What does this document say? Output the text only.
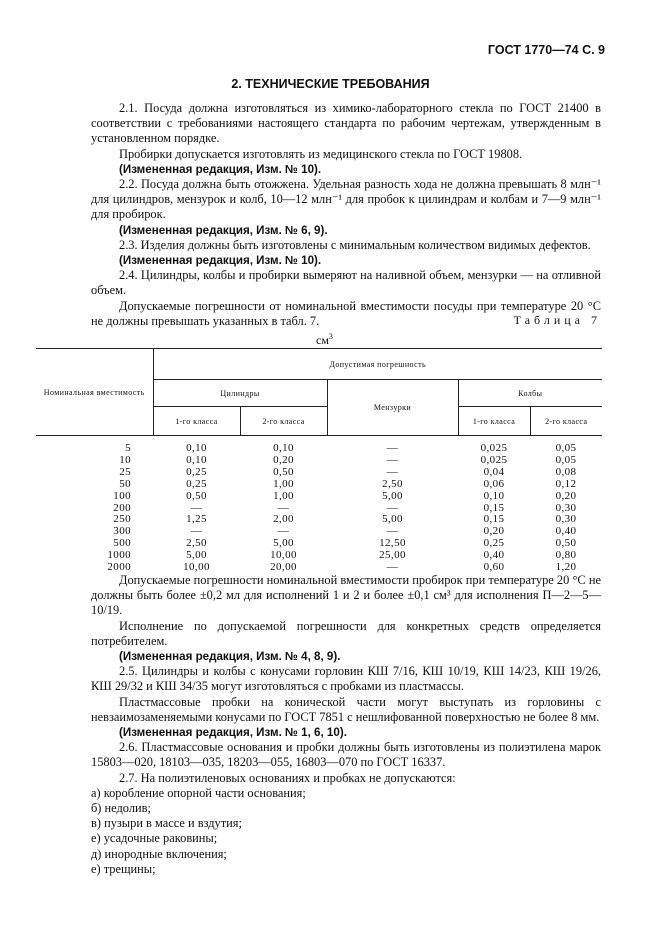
ГОСТ 1770—74 С. 9
2. ТЕХНИЧЕСКИЕ ТРЕБОВАНИЯ

2.1. Посуда должна изготовляться из химико-лабораторного стекла по ГОСТ 21400 в соответствии с требованиями настоящего стандарта по рабочим чертежам, утвержденным в установленном порядке.

Пробирки допускается изготовлять из медицинского стекла по ГОСТ 19808.

(Измененная редакция, Изм. № 10).

2.2. Посуда должна быть отожжена. Удельная разность хода не должна превышать 8 млн⁻¹ для цилиндров, мензурок и колб, 10—12 млн⁻¹ для пробок к цилиндрам и колбам и 7—9 млн⁻¹ для пробирок.

(Измененная редакция, Изм. № 6, 9).

2.3. Изделия должны быть изготовлены с минимальным количеством видимых дефектов.

(Измененная редакция, Изм. № 10).

2.4. Цилиндры, колбы и пробирки вымеряют на наливной объем, мензурки — на отливной объем.

Допускаемые погрешности от номинальной вместимости посуды при температуре 20 °С не должны превышать указанных в табл. 7.	Таблица 7
$см^3$
Номинальная вместимость	Допустимая погрешность				
	Цилиндры		Мензурки	Колбы	
	1-го класса	2-го класса		1-го класса	2-го класса
5	0,10	0,10	—	0,025	0,05
10	0,10	0,20	—	0,025	0,05
25	0,25	0,50	—	0,04	0,08
50	0,25	1,00	2,50	0,06	0,12
100	0,50	1,00	5,00	0,10	0,20
200	—	—	—	0,15	0,30
250	1,25	2,00	5,00	0,15	0,30
300	—	—	—	0,20	0,40
500	2,50	5,00	12,50	0,25	0,50
1000	5,00	10,00	25,00	0,40	0,80
2000	10,00	20,00	—	0,60	1,20

Допускаемые погрешности номинальной вместимости пробирок при температуре 20 °С не должны быть более ±0,2 мл для исполнений 1 и 2 и более ±0,1 см³ для исполнения П—2—5—10/19.

Исполнение по допускаемой погрешности для конкретных средств определяется потребителем.

(Измененная редакция, Изм. № 4, 8, 9).

2.5. Цилиндры и колбы с конусами горловин КШ 7/16, КШ 10/19, КШ 14/23, КШ 19/26, КШ 29/32 и КШ 34/35 могут изготовляться с пробками из пластмассы.

Пластмассовые пробки на конической части могут выступать из горловины с невзаимозаменяемыми конусами по ГОСТ 7851 с нешлифованной поверхностью не более 8 мм.

(Измененная редакция, Изм. № 1, 6, 10).

2.6. Пластмассовые основания и пробки должны быть изготовлены из полиэтилена марок 15803—020, 18103—035, 18203—055, 16803—070 по ГОСТ 16337.

2.7. На полиэтиленовых основаниях и пробках не допускаются:

а) коробление опорной части основания;

б) недолив;

в) пузыри в массе и вздутия;

е) усадочные раковины;

д) инородные включения;

е) трещины;
